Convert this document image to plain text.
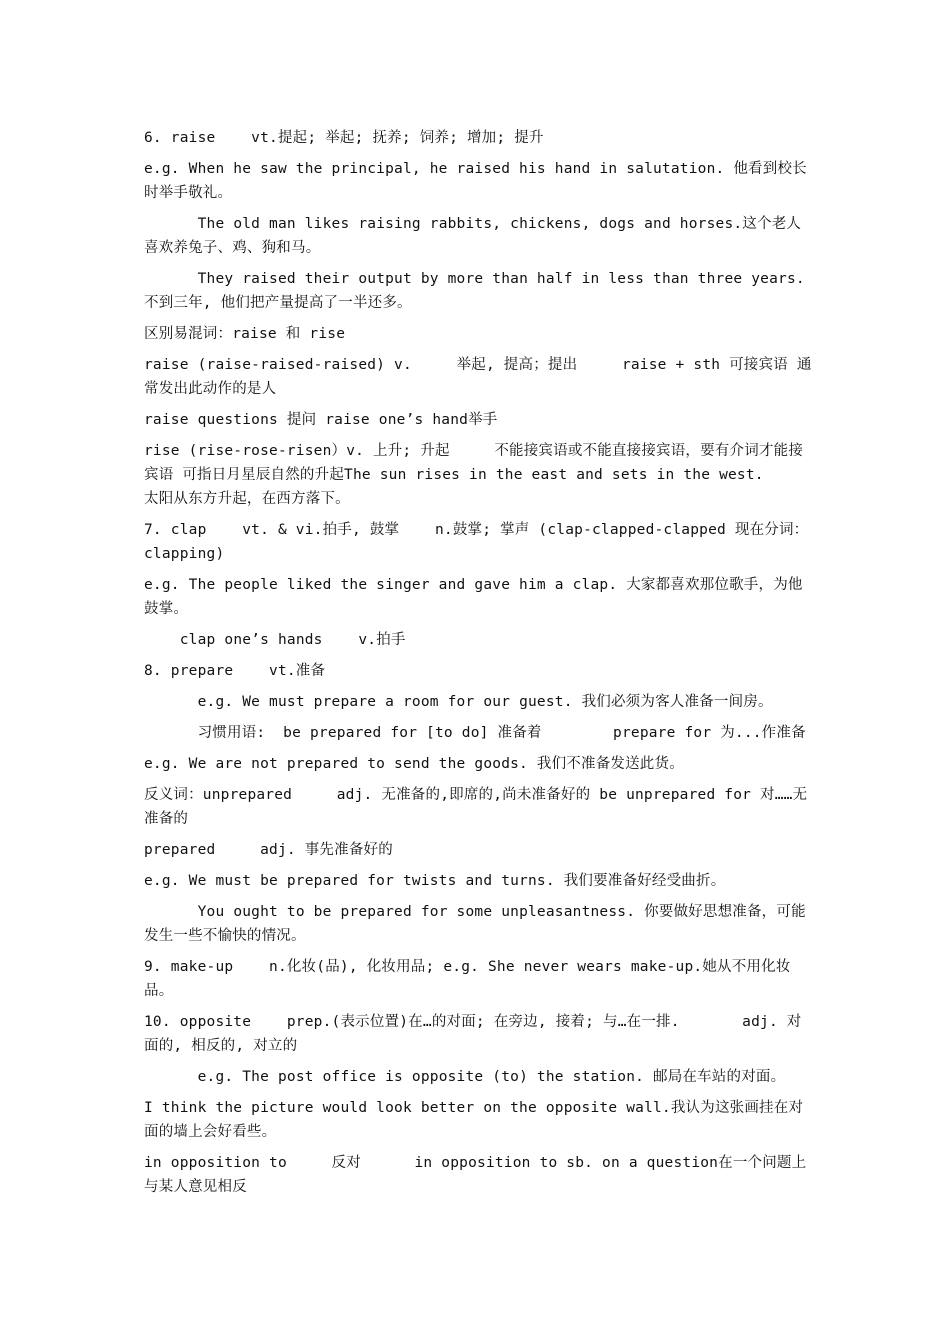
6. raise    vt.提起; 举起; 抚养; 饲养; 增加; 提升

e.g. When he saw the principal, he raised his hand in salutation. 他看到校长时举手敬礼。

The old man likes raising rabbits, chickens, dogs and horses.这个老人喜欢养兔子、鸡、狗和马。

They raised their output by more than half in less than three years. 不到三年, 他们把产量提高了一半还多。

区别易混词：raise 和 rise

raise (raise-raised-raised) v.     举起, 提高；提出     raise + sth 可接宾语 通常发出此动作的是人

raise questions 提问 raise one’s hand举手

rise (rise-rose-risen）v. 上升; 升起     不能接宾语或不能直接接宾语，要有介词才能接宾语 可指日月星辰自然的升起The sun rises in the east and sets in the west.     太阳从东方升起，在西方落下。

7. clap    vt. & vi.拍手, 鼓掌    n.鼓掌; 掌声 (clap-clapped-clapped 现在分词：clapping)

e.g. The people liked the singer and gave him a clap. 大家都喜欢那位歌手，为他鼓掌。

clap one’s hands    v.拍手

8. prepare    vt.准备

e.g. We must prepare a room for our guest. 我们必须为客人准备一间房。

习惯用语:  be prepared for [to do] 准备着        prepare for 为...作准备

e.g. We are not prepared to send the goods. 我们不准备发送此货。

反义词：unprepared     adj. 无准备的,即席的,尚未准备好的 be unprepared for 对……无准备的

prepared     adj. 事先准备好的

e.g. We must be prepared for twists and turns. 我们要准备好经受曲折。

You ought to be prepared for some unpleasantness. 你要做好思想准备，可能发生一些不愉快的情况。

9. make-up    n.化妆(品), 化妆用品; e.g. She never wears make-up.她从不用化妆品。

10. opposite    prep.(表示位置)在…的对面; 在旁边, 接着; 与…在一排.       adj. 对面的, 相反的, 对立的

e.g. The post office is opposite (to) the station. 邮局在车站的对面。

I think the picture would look better on the opposite wall.我认为这张画挂在对面的墙上会好看些。

in opposition to     反对      in opposition to sb. on a question在一个问题上与某人意见相反
